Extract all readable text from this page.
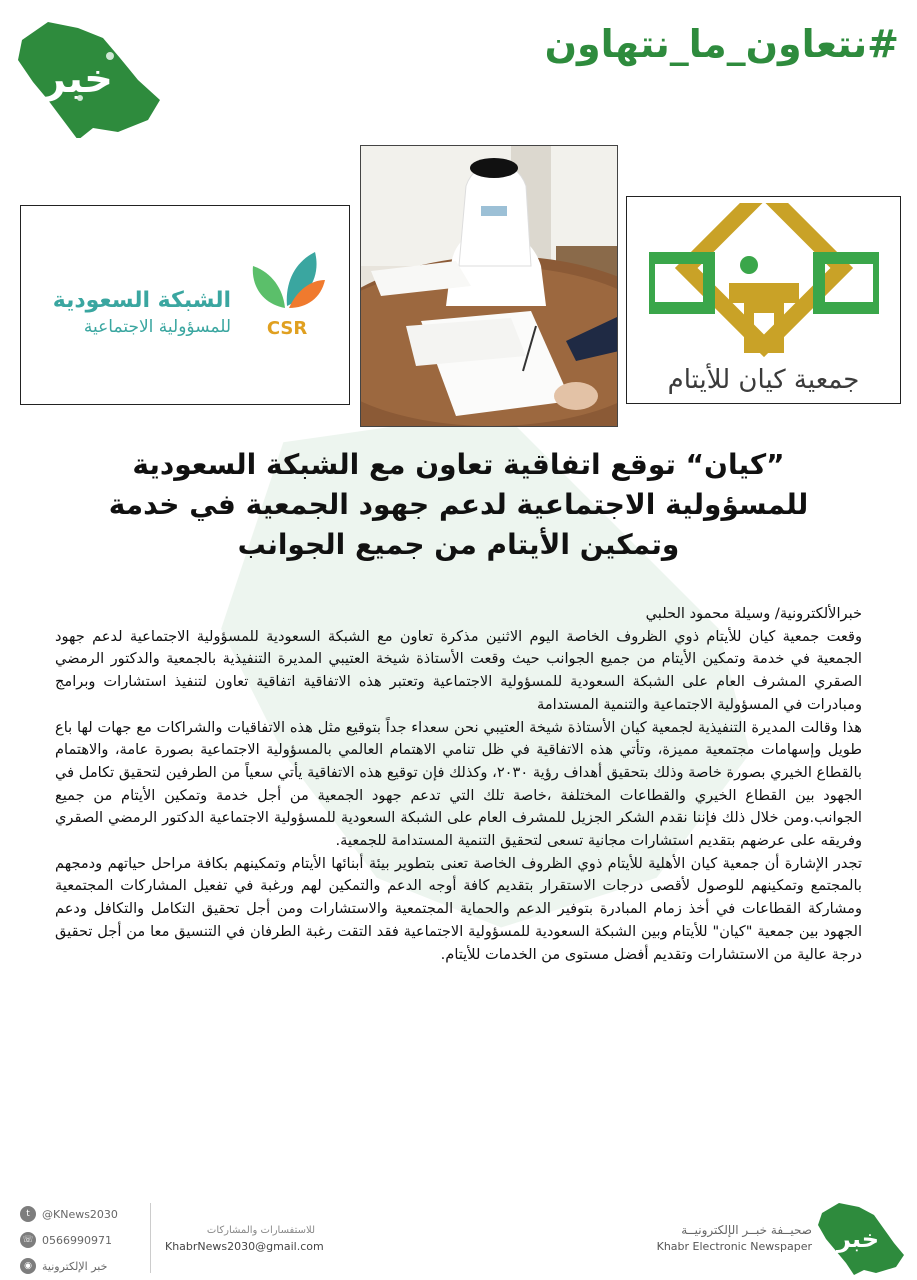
خبر
#نتعاون_ما_نتهاون
CSR
الشبكة السعودية
للمسؤولية الاجتماعية
جمعية كيان للأيتام
”كيان“ توقع اتفاقية تعاون مع الشبكة السعودية للمسؤولية الاجتماعية لدعم جهود الجمعية في خدمة وتمكين الأيتام من جميع الجوانب

خبرالألكترونية/ وسيلة محمود الحلبي

وقعت جمعية كيان للأيتام ذوي الظروف الخاصة اليوم الاثنين مذكرة تعاون مع الشبكة السعودية للمسؤولية الاجتماعية لدعم جهود الجمعية في خدمة وتمكين الأيتام من جميع الجوانب حيث وقعت الأستاذة شيخة العتيبي المديرة التنفيذية بالجمعية والدكتور الرمضي الصقري المشرف العام على الشبكة السعودية للمسؤولية الاجتماعية وتعتبر هذه الاتفاقية اتفاقية تعاون لتنفيذ استشارات وبرامج ومبادرات في المسؤولية الاجتماعية والتنمية المستدامة

هذا وقالت المديرة التنفيذية لجمعية كيان الأستاذة شيخة العتيبي نحن سعداء جداً بتوقيع مثل هذه الاتفاقيات والشراكات مع جهات لها باع طويل وإسهامات مجتمعية مميزة، وتأتي هذه الاتفاقية في ظل تنامي الاهتمام العالمي بالمسؤولية الاجتماعية بصورة عامة، والاهتمام بالقطاع الخيري بصورة خاصة وذلك بتحقيق أهداف رؤية ٢٠٣٠، وكذلك فإن توقيع هذه الاتفاقية يأتي سعياً من الطرفين لتحقيق تكامل في الجهود بين القطاع الخيري والقطاعات المختلفة ،خاصة تلك التي تدعم جهود الجمعية من أجل خدمة وتمكين الأيتام من جميع الجوانب.ومن خلال ذلك فإننا نقدم الشكر الجزيل للمشرف العام على الشبكة السعودية للمسؤولية الاجتماعية الدكتور الرمضي الصقري وفريقه على عرضهم بتقديم استشارات مجانية تسعى لتحقيق التنمية المستدامة للجمعية.

تجدر الإشارة أن جمعية كيان الأهلية للأيتام ذوي الظروف الخاصة تعنى بتطوير بيئة أبنائها الأيتام وتمكينهم بكافة مراحل حياتهم ودمجهم بالمجتمع وتمكينهم للوصول لأقصى درجات الاستقرار بتقديم كافة أوجه الدعم والتمكين لهم ورغبة في تفعيل المشاركات المجتمعية ومشاركة القطاعات في أخذ زمام المبادرة بتوفير الدعم والحماية المجتمعية والاستشارات ومن أجل تحقيق التكامل والتكافل ودعم الجهود بين جمعية "كيان" للأيتام وبين الشبكة السعودية للمسؤولية الاجتماعية فقد التقت رغبة الطرفان في التنسيق معا من أجل تحقيق درجة عالية من الاستشارات وتقديم أفضل مستوى من الخدمات للأيتام.

t	@KNews2030
☏ 0566990971
◉ خبر الإلكترونية
للاستفسارات والمشاركات
KhabrNews2030@gmail.com
صحيــفة خبــر الإلكترونيــة
Khabr Electronic Newspaper خبر
